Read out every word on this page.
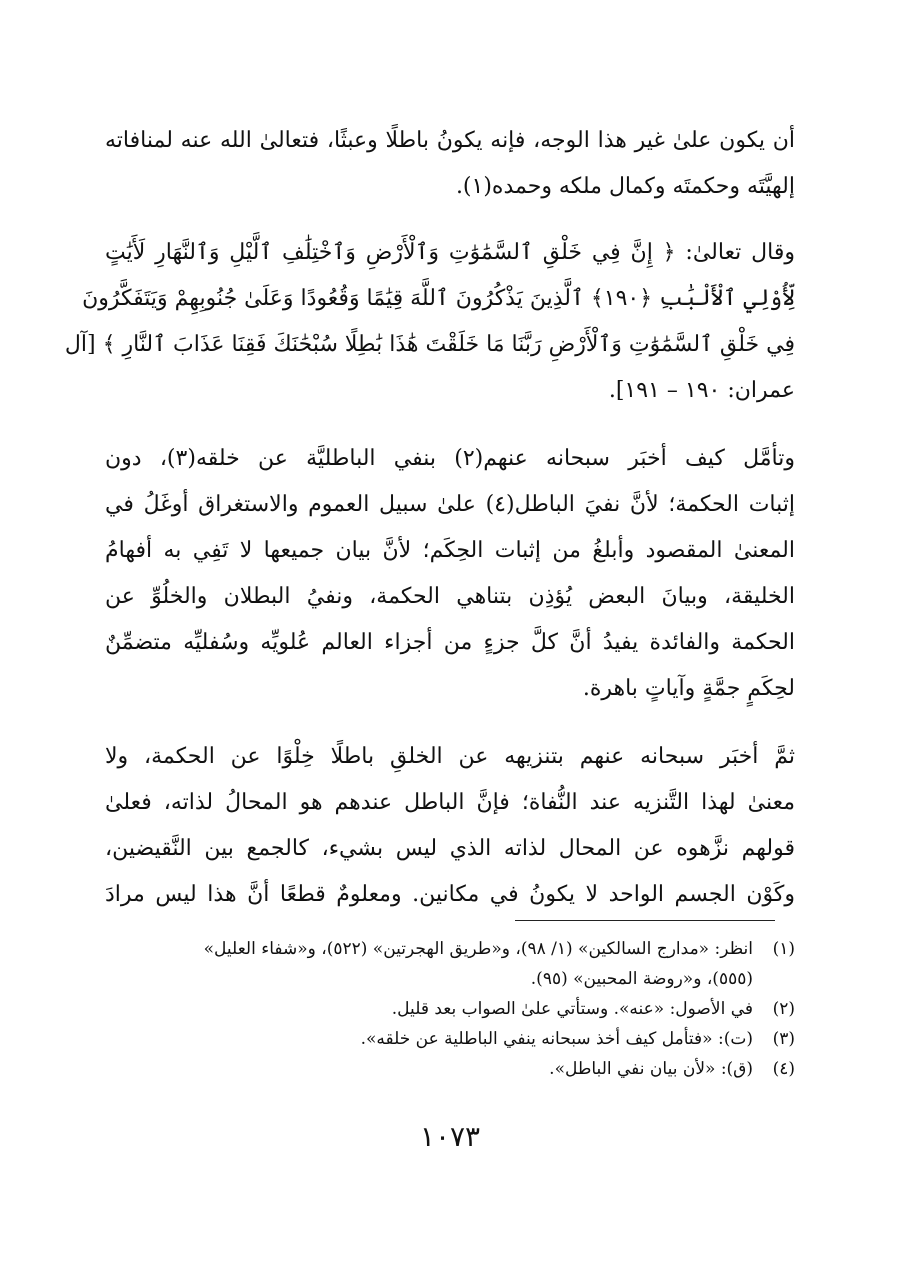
أن يكون علىٰ غير هذا الوجه، فإنه يكونُ باطلًا وعبثًا، فتعالىٰ الله عنه لمنافاته
إلهيَّتَه وحكمتَه وكمال ملكه وحمده(١).
وقال تعالىٰ: ﴿ إِنَّ فِي خَلْقِ ٱلسَّمَٰوَٰتِ وَٱلْأَرْضِ وَٱخْتِلَٰفِ ٱلَّيْلِ وَٱلنَّهَارِ لَأَيَٰتٍ
لِّأُوْلِي ٱلْأَلْبَٰبِ ﴿١٩٠﴾ ٱلَّذِينَ يَذْكُرُونَ ٱللَّهَ قِيَٰمًا وَقُعُودًا وَعَلَىٰ جُنُوبِهِمْ وَيَتَفَكَّرُونَ
فِي خَلْقِ ٱلسَّمَٰوَٰتِ وَٱلْأَرْضِ رَبَّنَا مَا خَلَقْتَ هَٰذَا بَٰطِلًا سُبْحَٰنَكَ فَقِنَا عَذَابَ ٱلنَّارِ ﴾ [آل
عمران: ١٩٠ – ١٩١].
وتأمَّل كيف أخبَر سبحانه عنهم(٢) بنفي الباطليَّة عن خلقه(٣)، دون
إثبات الحكمة؛ لأنَّ نفيَ الباطل(٤) علىٰ سبيل العموم والاستغراق أوغَلُ في
المعنىٰ المقصود وأبلغُ من إثبات الحِكَم؛ لأنَّ بيان جميعها لا تَفِي به أفهامُ
الخليقة، وبيانَ البعض يُؤذِن بتناهي الحكمة، ونفيُ البطلان والخلُوِّ عن
الحكمة والفائدة يفيدُ أنَّ كلَّ جزءٍ من أجزاء العالم عُلويِّه وسُفليِّه متضمِّنٌ
لحِكَمٍ جمَّةٍ وآياتٍ باهرة.
ثمَّ أخبَر سبحانه عنهم بتنزيهه عن الخلقِ باطلًا خِلْوًا عن الحكمة، ولا
معنىٰ لهذا التَّنزيه عند النُّفاة؛ فإنَّ الباطل عندهم هو المحالُ لذاته، فعلىٰ
قولهم نزَّهوه عن المحال لذاته الذي ليس بشيء، كالجمع بين النَّقيضين،
وكَوْن الجسم الواحد لا يكونُ في مكانين. ومعلومٌ قطعًا أنَّ هذا ليس مرادَ
(١)انظر: «مدارج السالكين» (١/ ٩٨)، و«طريق الهجرتين» (٥٢٢)، و«شفاء العليل»
(٥٥٥)، و«روضة المحبين» (٩٥).
(٢)في الأصول: «عنه». وستأتي علىٰ الصواب بعد قليل.
(٣)(ت): «فتأمل كيف أخذ سبحانه ينفي الباطلية عن خلقه».
(٤)(ق): «لأن بيان نفي الباطل».
١٠٧٣
